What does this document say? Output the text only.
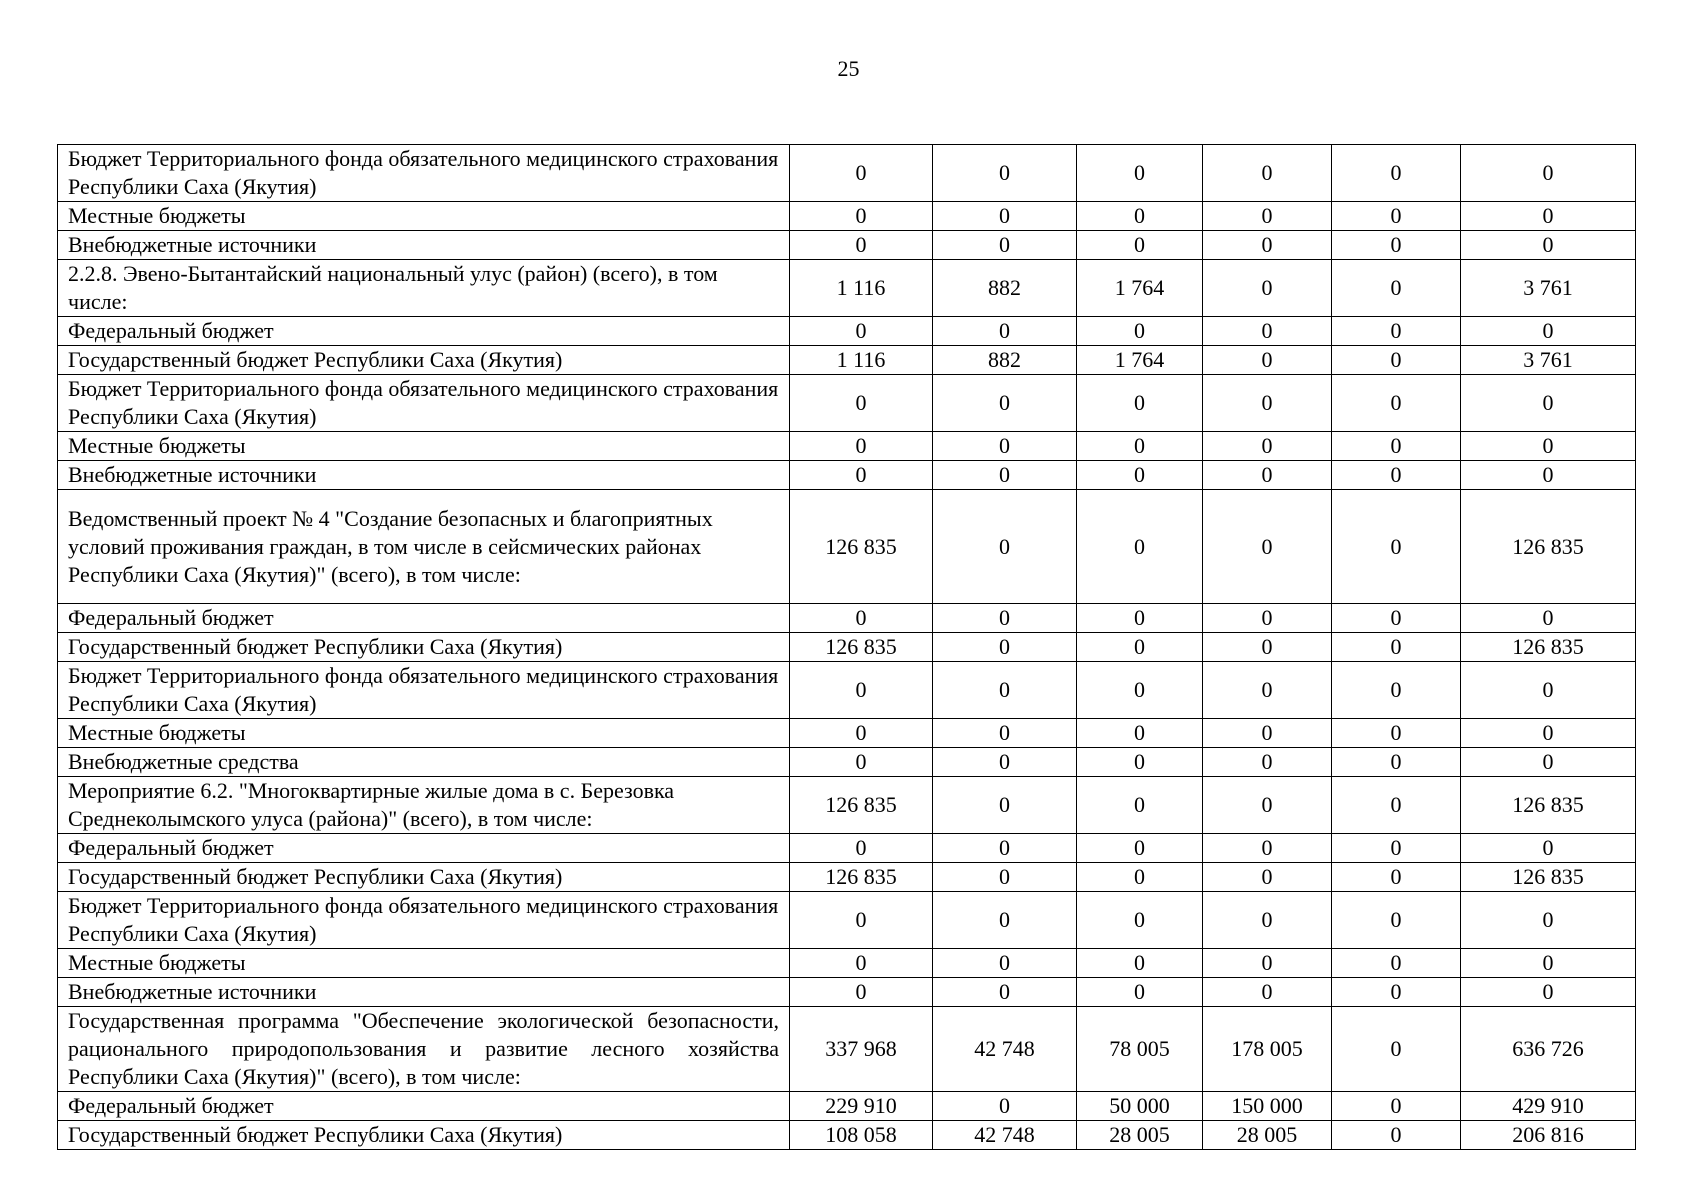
25
Бюджет Территориального фонда обязательного медицинского страхования Республики Саха (Якутия)	0	0	0	0	0	0
Местные бюджеты	0	0	0	0	0	0
Внебюджетные источники	0	0	0	0	0	0
2.2.8. Эвено-Бытантайский национальный улус (район) (всего), в том числе:	1 116	882	1 764	0	0	3 761
Федеральный бюджет	0	0	0	0	0	0
Государственный бюджет Республики Саха (Якутия)	1 116	882	1 764	0	0	3 761
Бюджет Территориального фонда обязательного медицинского страхования Республики Саха (Якутия)	0	0	0	0	0	0
Местные бюджеты	0	0	0	0	0	0
Внебюджетные источники	0	0	0	0	0	0
Ведомственный проект № 4 "Создание безопасных и благоприятных условий проживания граждан, в том числе в сейсмических районах Республики Саха (Якутия)" (всего), в том числе:	126 835	0	0	0	0	126 835
Федеральный бюджет	0	0	0	0	0	0
Государственный бюджет Республики Саха (Якутия)	126 835	0	0	0	0	126 835
Бюджет Территориального фонда обязательного медицинского страхования Республики Саха (Якутия)	0	0	0	0	0	0
Местные бюджеты	0	0	0	0	0	0
Внебюджетные средства	0	0	0	0	0	0
Мероприятие 6.2. "Многоквартирные жилые дома в с. Березовка Среднеколымского улуса (района)" (всего), в том числе:	126 835	0	0	0	0	126 835
Федеральный бюджет	0	0	0	0	0	0
Государственный бюджет Республики Саха (Якутия)	126 835	0	0	0	0	126 835
Бюджет Территориального фонда обязательного медицинского страхования Республики Саха (Якутия)	0	0	0	0	0	0
Местные бюджеты	0	0	0	0	0	0
Внебюджетные источники	0	0	0	0	0	0
Государственная программа "Обеспечение экологической безопасности, рационального природопользования и развитие лесного хозяйства Республики Саха (Якутия)" (всего), в том числе:	337 968	42 748	78 005	178 005	0	636 726
Федеральный бюджет	229 910	0	50 000	150 000	0	429 910
Государственный бюджет Республики Саха (Якутия)	108 058	42 748	28 005	28 005	0	206 816
